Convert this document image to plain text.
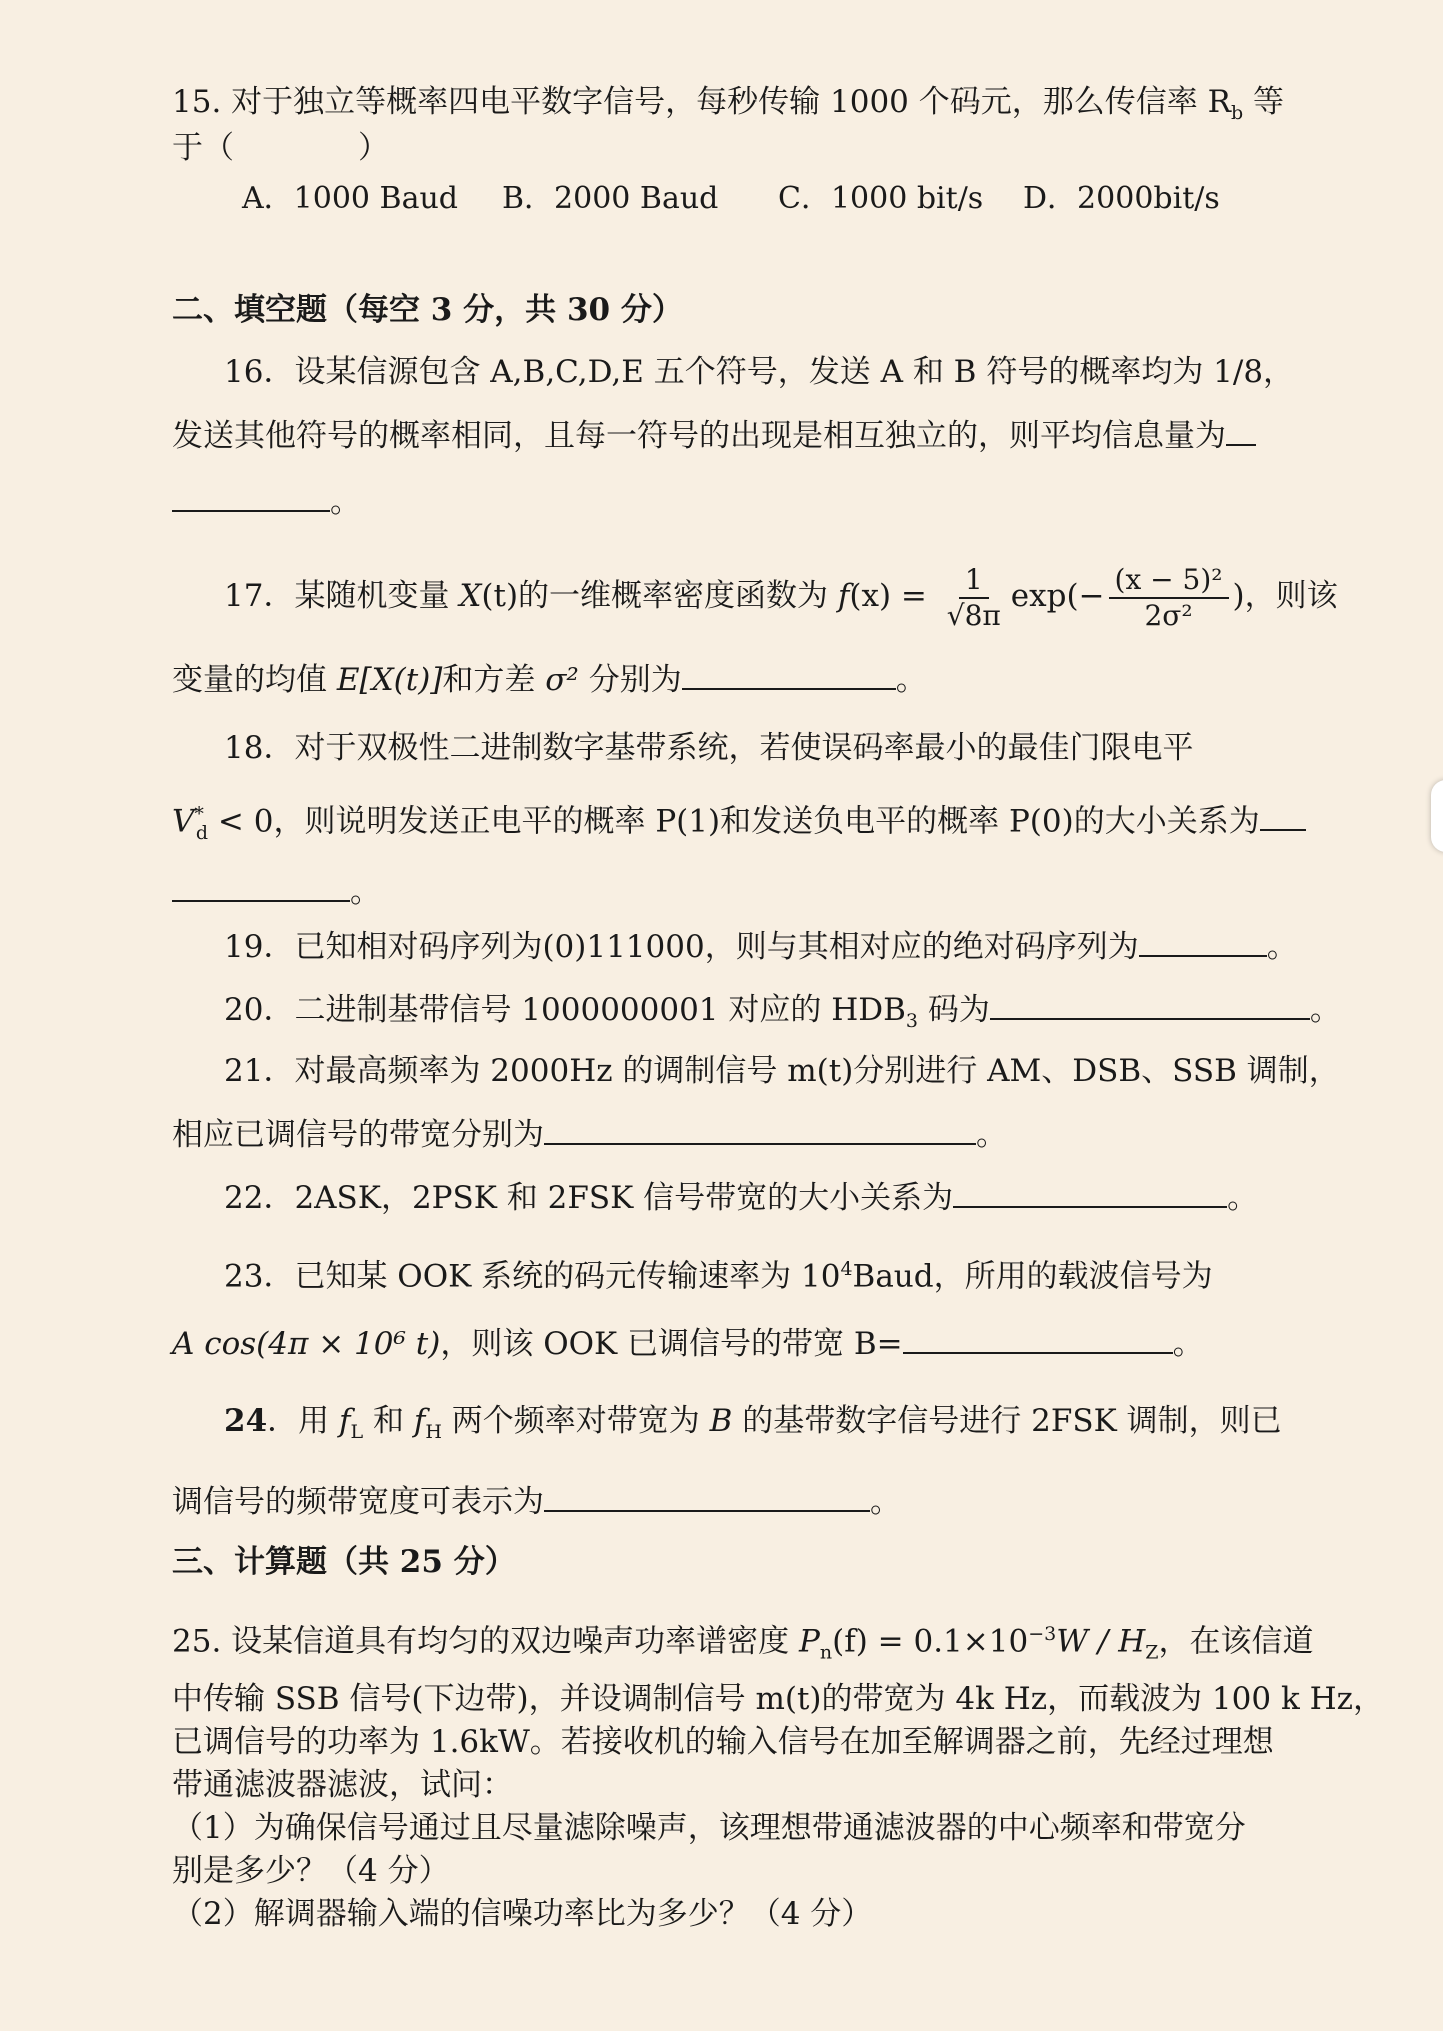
15. 对于独立等概率四电平数字信号，每秒传输 1000 个码元，那么传信率 $R_b$ 等
于（　　　　）
A．1000 Baud B．2000 Baud C．1000 bit/s D．2000bit/s
二、填空题（每空 3 分，共 30 分）
16．设某信源包含 A,B,C,D,E 五个符号，发送 A 和 B 符号的概率均为 1/8，
发送其他符号的概率相同，且每一符号的出现是相互独立的，则平均信息量为
。
17．某随机变量 X(t)的一维概率密度函数为 $f(x) = \frac{1}{√8\pi} \exp(- \frac{\text{(x − 5)²}}{\text{2σ²}}$ )，则该
变量的均值 E[X(t)]和方差 σ² 分别为	。
18．对于双极性二进制数字基带系统，若使误码率最小的最佳门限电平
$V^*_d < 0$，则说明发送正电平的概率 P(1)和发送负电平的概率 P(0)的大小关系为
。
19．已知相对码序列为(0)111000，则与其相对应的绝对码序列为	。
20．二进制基带信号 1000000001 对应的 $HDB_3$ 码为	。
21．对最高频率为 2000Hz 的调制信号 m(t)分别进行 AM、DSB、SSB 调制，
相应已调信号的带宽分别为	。
22．2ASK，2PSK 和 2FSK 信号带宽的大小关系为	。
23．已知某 OOK 系统的码元传输速率为 $10^4Baud$，所用的载波信号为
A cos(4π × 10⁶ t)，则该 OOK 已调信号的带宽 B=	。
24．用 $f_L$ 和 $f_H$ 两个频率对带宽为 B 的基带数字信号进行 2FSK 调制，则已
调信号的频带宽度可表示为	。
三、计算题（共 25 分）
25. 设某信道具有均匀的双边噪声功率谱密度 $P_n(f) = 0.1\times 10^{-3}W / H_Z$，在该信道
中传输 SSB 信号(下边带)，并设调制信号 m(t)的带宽为 4k Hz，而载波为 100 k Hz，
已调信号的功率为 1.6kW。若接收机的输入信号在加至解调器之前，先经过理想
带通滤波器滤波，试问：
（1）为确保信号通过且尽量滤除噪声，该理想带通滤波器的中心频率和带宽分
别是多少？（4 分）
（2）解调器输入端的信噪功率比为多少？（4 分）
